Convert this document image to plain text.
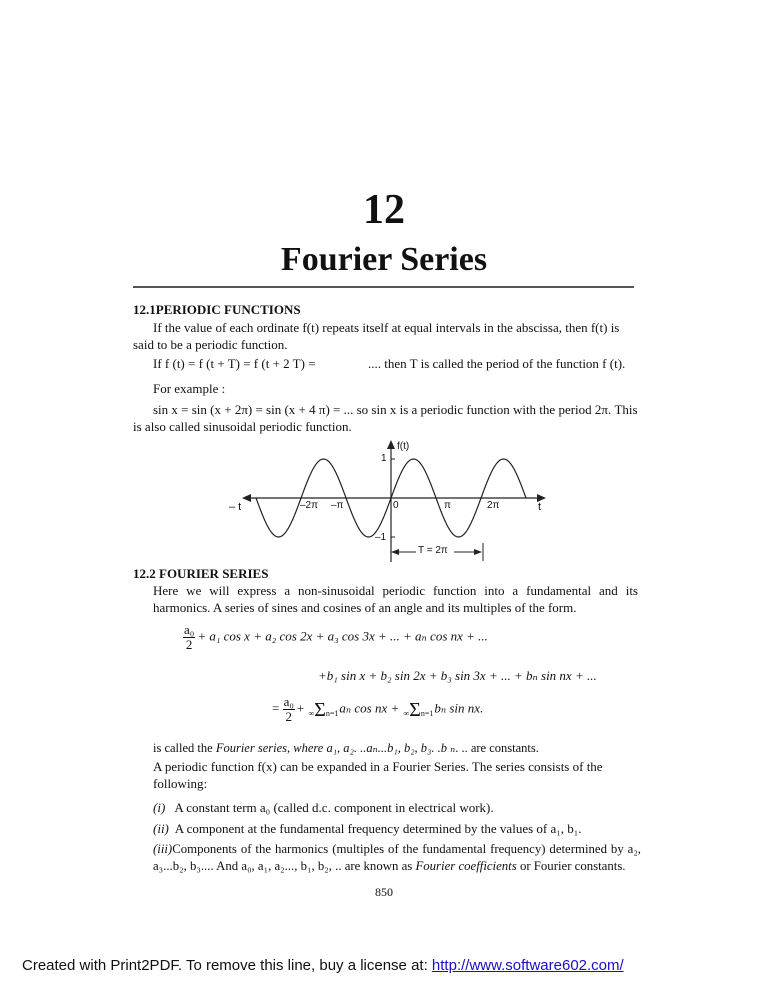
12
Fourier Series
12.1PERIODIC FUNCTIONS
If the value of each ordinate f(t) repeats itself at equal intervals in the abscissa, then f(t) is said to be a periodic function.
If f (t) = f (t + T) = f (t + 2 T) =	.... then T is called the period of the function f (t).
For example :
sin x = sin (x + 2π) = sin (x + 4 π) = ... so sin x is a periodic function with the period 2π. This is also called sinusoidal periodic function.
f(t)
1
–1
– t	t
–2π –π	0	π	2π
T = 2π
12.2 FOURIER SERIES
Here we will express a non-sinusoidal periodic function into a fundamental and its harmonics. A series of sines and cosines of an angle and its multiples of the form.
$\frac{\text{a₀}}{2} + a_1$ cos x + a₂ cos 2x + a₃ cos 3x + ... + aₙ cos nx + ...
+b₁ sin x + b₂ sin 2x + b₃ sin 3x + ... + bₙ sin nx + ...
= $\frac{\text{a₀}}{2} + \infty\Sigma n=1a_n$ cos nx + ∞Σn=1bₙ sin nx.
is called the Fourier series, where a₁, a₂. ..aₙ...b₁, b₂, b₃. .b ₙ. .. are constants.
A periodic function f(x) can be expanded in a Fourier Series. The series consists of the following:
(i) A constant term a₀ (called d.c. component in electrical work).
(ii) A component at the fundamental frequency determined by the values of a₁, b₁.
(iii)Components of the harmonics (multiples of the fundamental frequency) determined by a₂, a₃...b₂, b₃.... And a₀, a₁, a₂..., b₁, b₂, .. are known as Fourier coefficients or Fourier constants.
850
Created with Print2PDF. To remove this line, buy a license at: http://www.software602.com/
